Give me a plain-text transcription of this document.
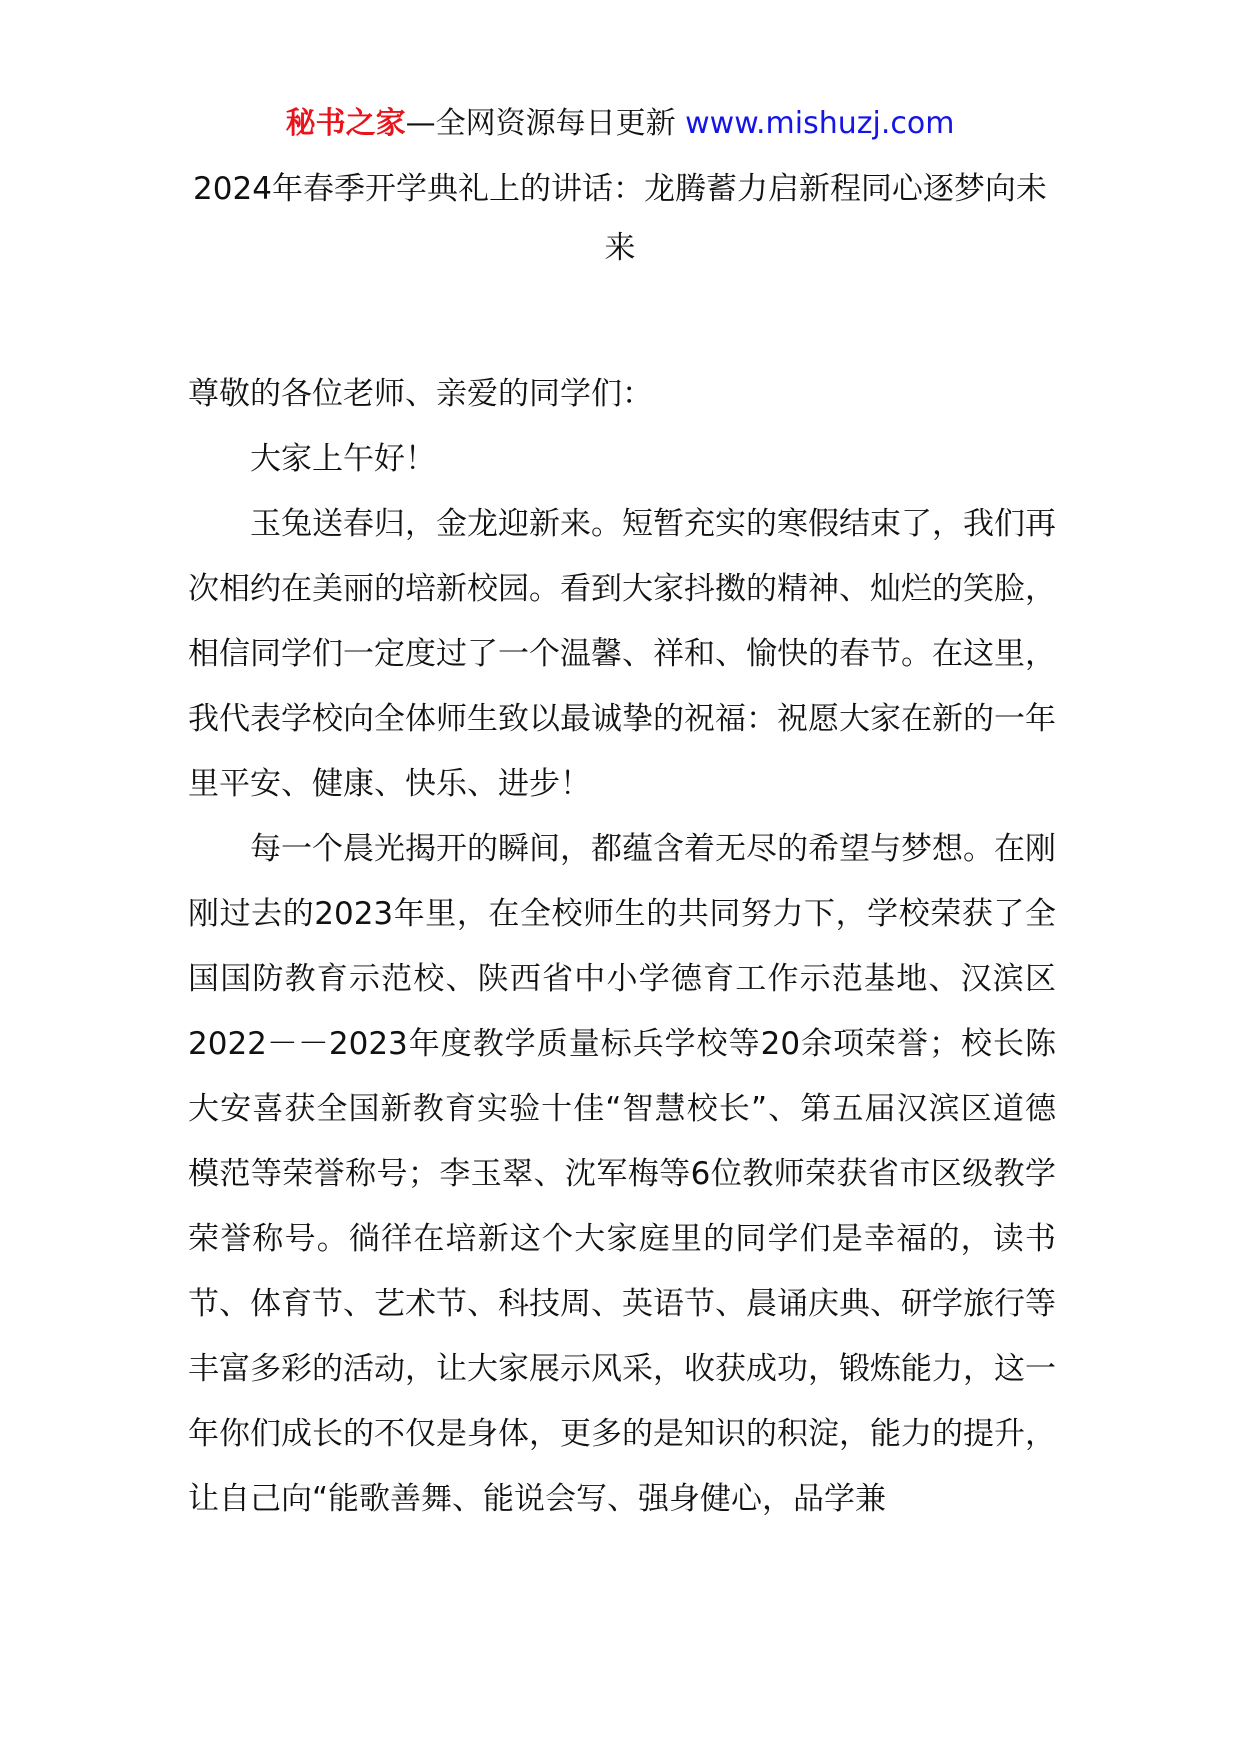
秘书之家—全网资源每日更新 www.mishuzj.com
2024年春季开学典礼上的讲话：龙腾蓄力启新程同心逐梦向未来

尊敬的各位老师、亲爱的同学们：

大家上午好！

玉兔送春归，金龙迎新来。短暂充实的寒假结束了，我们再次相约在美丽的培新校园。看到大家抖擞的精神、灿烂的笑脸，相信同学们一定度过了一个温馨、祥和、愉快的春节。在这里，我代表学校向全体师生致以最诚挚的祝福：祝愿大家在新的一年里平安、健康、快乐、进步！

每一个晨光揭开的瞬间，都蕴含着无尽的希望与梦想。在刚刚过去的2023年里，在全校师生的共同努力下，学校荣获了全国国防教育示范校、陕西省中小学德育工作示范基地、汉滨区2022－－2023年度教学质量标兵学校等20余项荣誉；校长陈大安喜获全国新教育实验十佳“智慧校长”、第五届汉滨区道德模范等荣誉称号；李玉翠、沈军梅等6位教师荣获省市区级教学荣誉称号。徜徉在培新这个大家庭里的同学们是幸福的，读书节、体育节、艺术节、科技周、英语节、晨诵庆典、研学旅行等丰富多彩的活动，让大家展示风采，收获成功，锻炼能力，这一年你们成长的不仅是身体，更多的是知识的积淀，能力的提升，让自己向“能歌善舞、能说会写、强身健心，品学兼
